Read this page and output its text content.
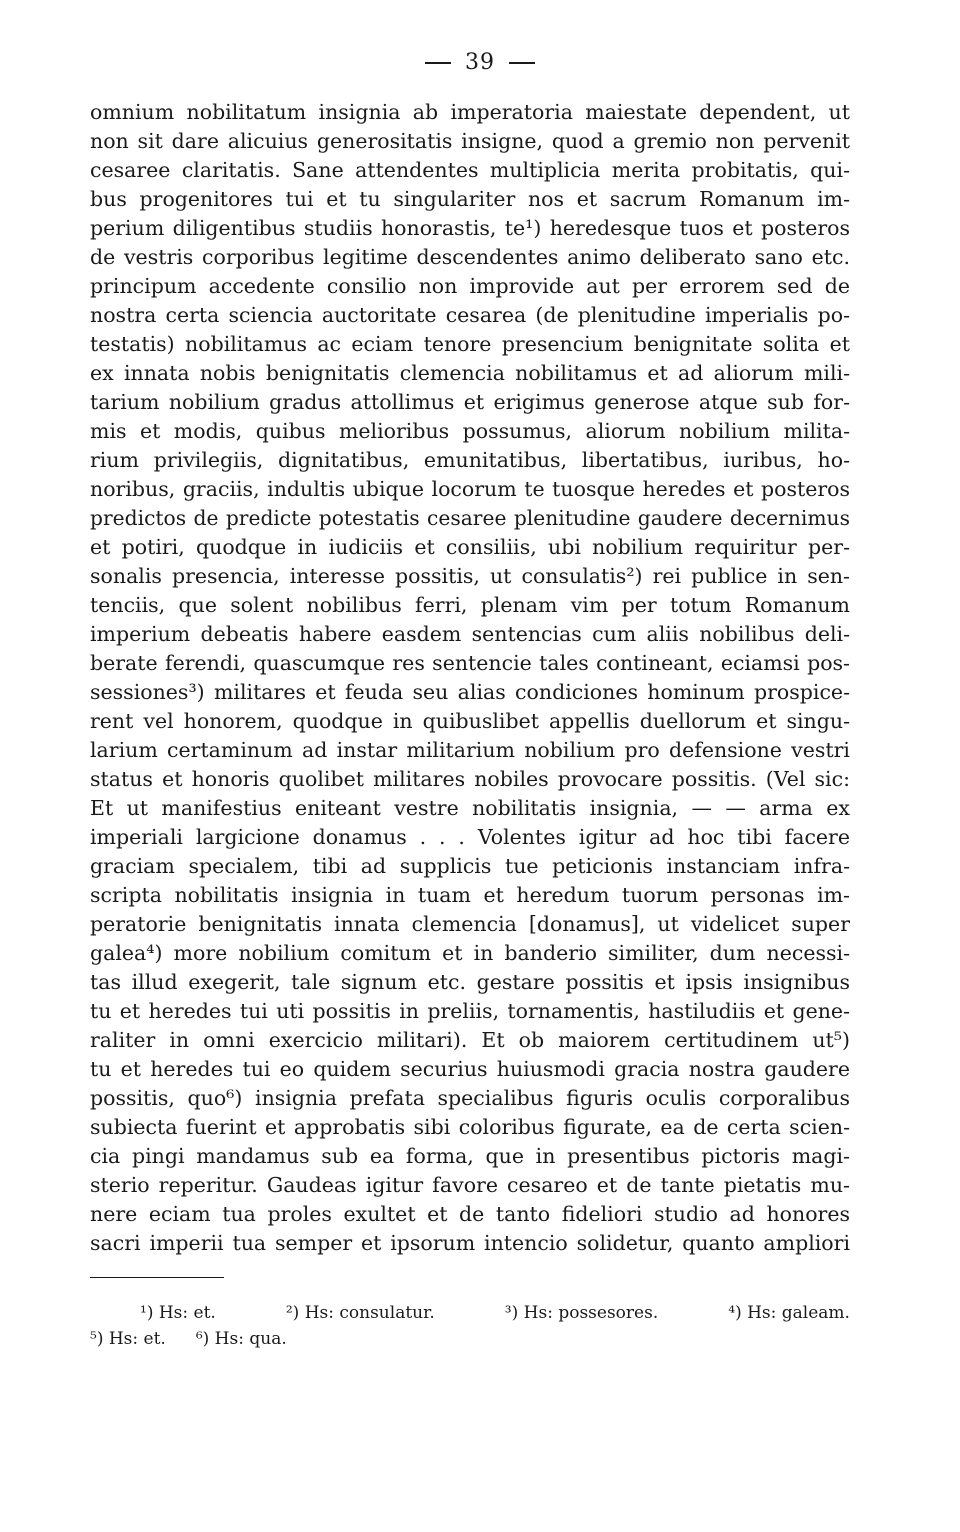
39
omnium nobilitatum insignia ab imperatoria maiestate dependent, ut
non sit dare alicuius generositatis insigne, quod a gremio non pervenit
cesaree claritatis. Sane attendentes multiplicia merita probitatis, qui-
bus progenitores tui et tu singulariter nos et sacrum Romanum im-
perium diligentibus studiis honorastis, te¹) heredesque tuos et posteros
de vestris corporibus legitime descendentes animo deliberato sano etc.
principum accedente consilio non improvide aut per errorem sed de
nostra certa sciencia auctoritate cesarea (de plenitudine imperialis po-
testatis) nobilitamus ac eciam tenore presencium benignitate solita et
ex innata nobis benignitatis clemencia nobilitamus et ad aliorum mili-
tarium nobilium gradus attollimus et erigimus generose atque sub for-
mis et modis, quibus melioribus possumus, aliorum nobilium milita-
rium privilegiis, dignitatibus, emunitatibus, libertatibus, iuribus, ho-
noribus, graciis, indultis ubique locorum te tuosque heredes et posteros
predictos de predicte potestatis cesaree plenitudine gaudere decernimus
et potiri, quodque in iudiciis et consiliis, ubi nobilium requiritur per-
sonalis presencia, interesse possitis, ut consulatis²) rei publice in sen-
tenciis, que solent nobilibus ferri, plenam vim per totum Romanum
imperium debeatis habere easdem sentencias cum aliis nobilibus deli-
berate ferendi, quascumque res sentencie tales contineant, eciamsi pos-
sessiones³) militares et feuda seu alias condiciones hominum prospice-
rent vel honorem, quodque in quibuslibet appellis duellorum et singu-
larium certaminum ad instar militarium nobilium pro defensione vestri
status et honoris quolibet militares nobiles provocare possitis. (Vel sic:
Et ut manifestius eniteant vestre nobilitatis insignia, — — arma ex
imperiali largicione donamus . . . Volentes igitur ad hoc tibi facere
graciam specialem, tibi ad supplicis tue peticionis instanciam infra-
scripta nobilitatis insignia in tuam et heredum tuorum personas im-
peratorie benignitatis innata clemencia [donamus], ut videlicet super
galea⁴) more nobilium comitum et in banderio similiter, dum necessi-
tas illud exegerit, tale signum etc. gestare possitis et ipsis insignibus
tu et heredes tui uti possitis in preliis, tornamentis, hastiludiis et gene-
raliter in omni exercicio militari). Et ob maiorem certitudinem ut⁵)
tu et heredes tui eo quidem securius huiusmodi gracia nostra gaudere
possitis, quo⁶) insignia prefata specialibus figuris oculis corporalibus
subiecta fuerint et approbatis sibi coloribus figurate, ea de certa scien-
cia pingi mandamus sub ea forma, que in presentibus pictoris magi-
sterio reperitur. Gaudeas igitur favore cesareo et de tante pietatis mu-
nere eciam tua proles exultet et de tanto fideliori studio ad honores
sacri imperii tua semper et ipsorum intencio solidetur, quanto ampliori
¹) Hs: et.	²) Hs: consulatur.	³) Hs: possesores.	⁴) Hs: galeam.
⁵) Hs: et. ⁶) Hs: qua.
